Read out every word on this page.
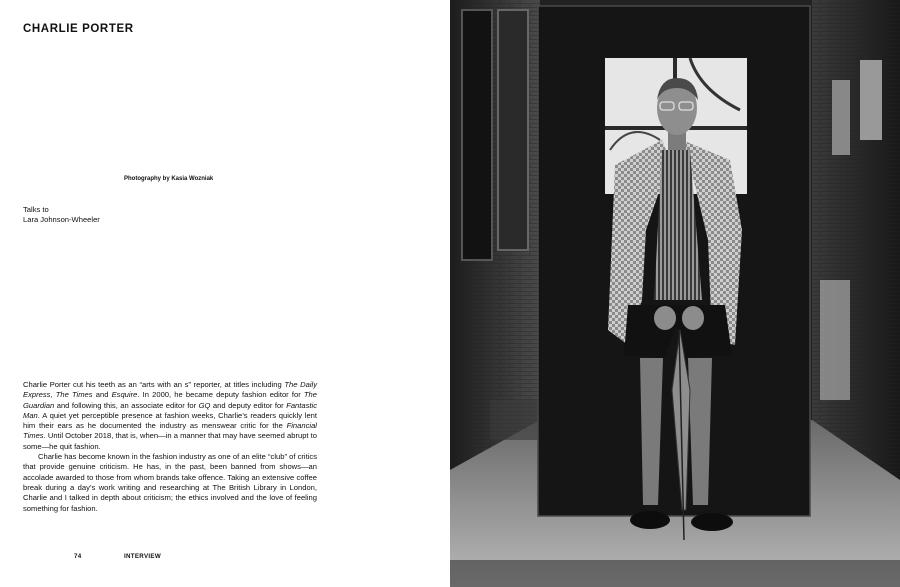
CHARLIE PORTER
Photography by Kasia Wozniak
Talks to
Lara Johnson-Wheeler

Charlie Porter cut his teeth as an “arts with an s” reporter, at titles including The Daily Express, The Times and Esquire. In 2000, he became deputy fashion editor for The Guardian and following this, an associate editor for GQ and deputy editor for Fantastic Man. A quiet yet perceptible presence at fashion weeks, Charlie’s readers quickly lent him their ears as he documented the industry as menswear critic for the Financial Times. Until October 2018, that is, when—in a manner that may have seemed abrupt to some—he quit fashion.

Charlie has become known in the fashion industry as one of an elite “club” of critics that provide genuine criticism. He has, in the past, been banned from shows—an accolade awarded to those from whom brands take offence. Taking an extensive coffee break during a day’s work writing and researching at The British Library in London, Charlie and I talked in depth about criticism; the ethics involved and the love of feeling something for fashion.

74	INTERVIEW
